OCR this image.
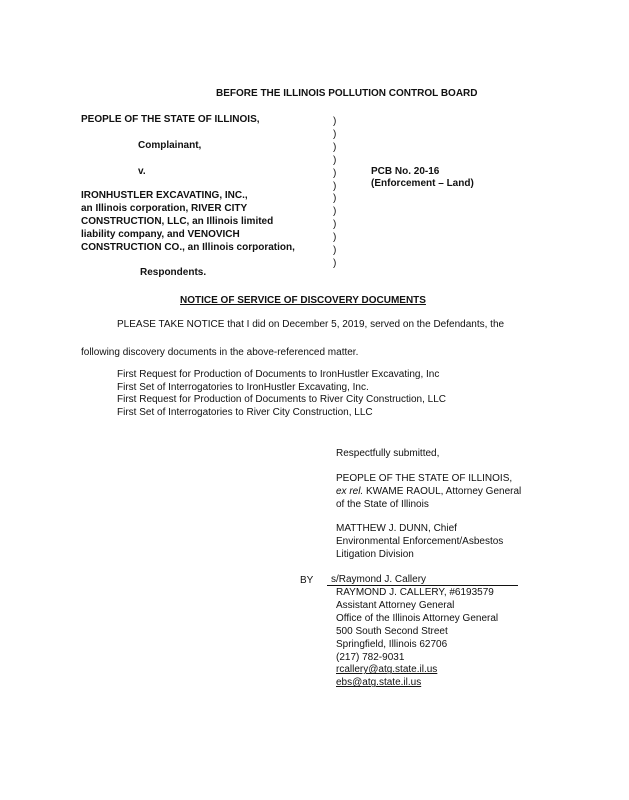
BEFORE THE ILLINOIS POLLUTION CONTROL BOARD
PEOPLE OF THE STATE OF ILLINOIS,
Complainant,
v.
IRONHUSTLER EXCAVATING, INC.,
an Illinois corporation, RIVER CITY
CONSTRUCTION, LLC, an Illinois limited
liability company, and VENOVICH
CONSTRUCTION CO., an Illinois corporation,
Respondents.
)
)
)
)
)
)
)
)
)
)
)
)
PCB No. 20-16
(Enforcement – Land)
NOTICE OF SERVICE OF DISCOVERY DOCUMENTS
PLEASE TAKE NOTICE that I did on December 5, 2019, served on the Defendants, the
following discovery documents in the above-referenced matter.
First Request for Production of Documents to IronHustler Excavating, Inc
First Set of Interrogatories to IronHustler Excavating, Inc.
First Request for Production of Documents to River City Construction, LLC
First Set of Interrogatories to River City Construction, LLC
Respectfully submitted,
PEOPLE OF THE STATE OF ILLINOIS,
ex rel. KWAME RAOUL, Attorney General
of the State of Illinois
MATTHEW J. DUNN, Chief
Environmental Enforcement/Asbestos
Litigation Division
BY s/Raymond J. Callery
RAYMOND J. CALLERY, #6193579
Assistant Attorney General
Office of the Illinois Attorney General
500 South Second Street
Springfield, Illinois 62706
(217) 782-9031
rcallery@atg.state.il.us
ebs@atg.state.il.us
